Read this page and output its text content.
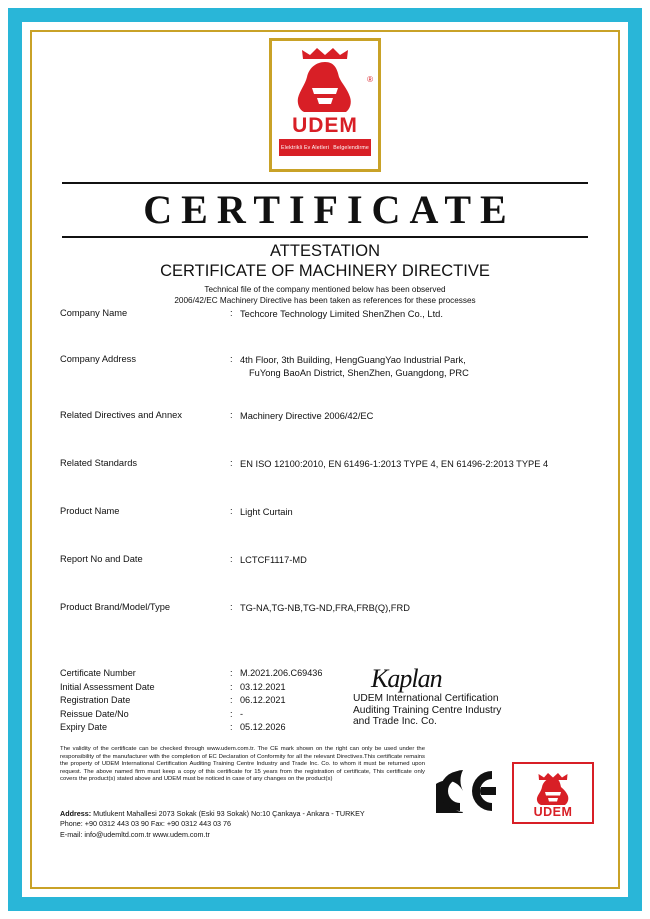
®
UDEM
Elektrikli Ev Aletleri Belgelendirme
CERTIFICATE
ATTESTATION
CERTIFICATE OF MACHINERY DIRECTIVE
Technical file of the company mentioned below has been observed
2006/42/EC Machinery Directive has been taken as references for these processes
Company Name	: Techcore Technology Limited ShenZhen Co., Ltd.
Company Address	: 4th Floor, 3th Building, HengGuangYao Industrial Park,
FuYong BaoAn District, ShenZhen, Guangdong, PRC
Related Directives and Annex	: Machinery Directive 2006/42/EC
Related Standards	: EN ISO 12100:2010, EN 61496-1:2013 TYPE 4, EN 61496-2:2013 TYPE 4
Product Name	: Light Curtain
Report No and Date	: LCTCF1117-MD
Product Brand/Model/Type	: TG-NA,TG-NB,TG-ND,FRA,FRB(Q),FRD
Certificate Number	: M.2021.206.C69436
Initial Assessment Date	: 03.12.2021
Registration Date	: 06.12.2021
Reissue Date/No	: -
Expiry Date	: 05.12.2026
Kaplan
UDEM International Certification
Auditing Training Centre Industry
and Trade Inc. Co.
The validity of the certificate can be checked through www.udem.com.tr. The CE mark shown on the right can only be used under the responsibility of the manufacturer with the completion of EC Declaration of Conformity for all the relevant Directives.This certificate remains the property of UDEM International Certification Auditing Training Centre Industry and Trade Inc. Co. to whom it must be returned upon request. The above named firm must keep a copy of this certificate for 15 years from the registration of certificate, This certificate only covers the product(s) stated above and UDEM must be noticed in case of any changes on the product(s)
Address: Mutlukent Mahallesi 2073 Sokak (Eski 93 Sokak) No:10 Çankaya - Ankara - TURKEY
Phone: +90 0312 443 03 90 Fax: +90 0312 443 03 76
E-mail: info@udemltd.com.tr www.udem.com.tr
UDEM
